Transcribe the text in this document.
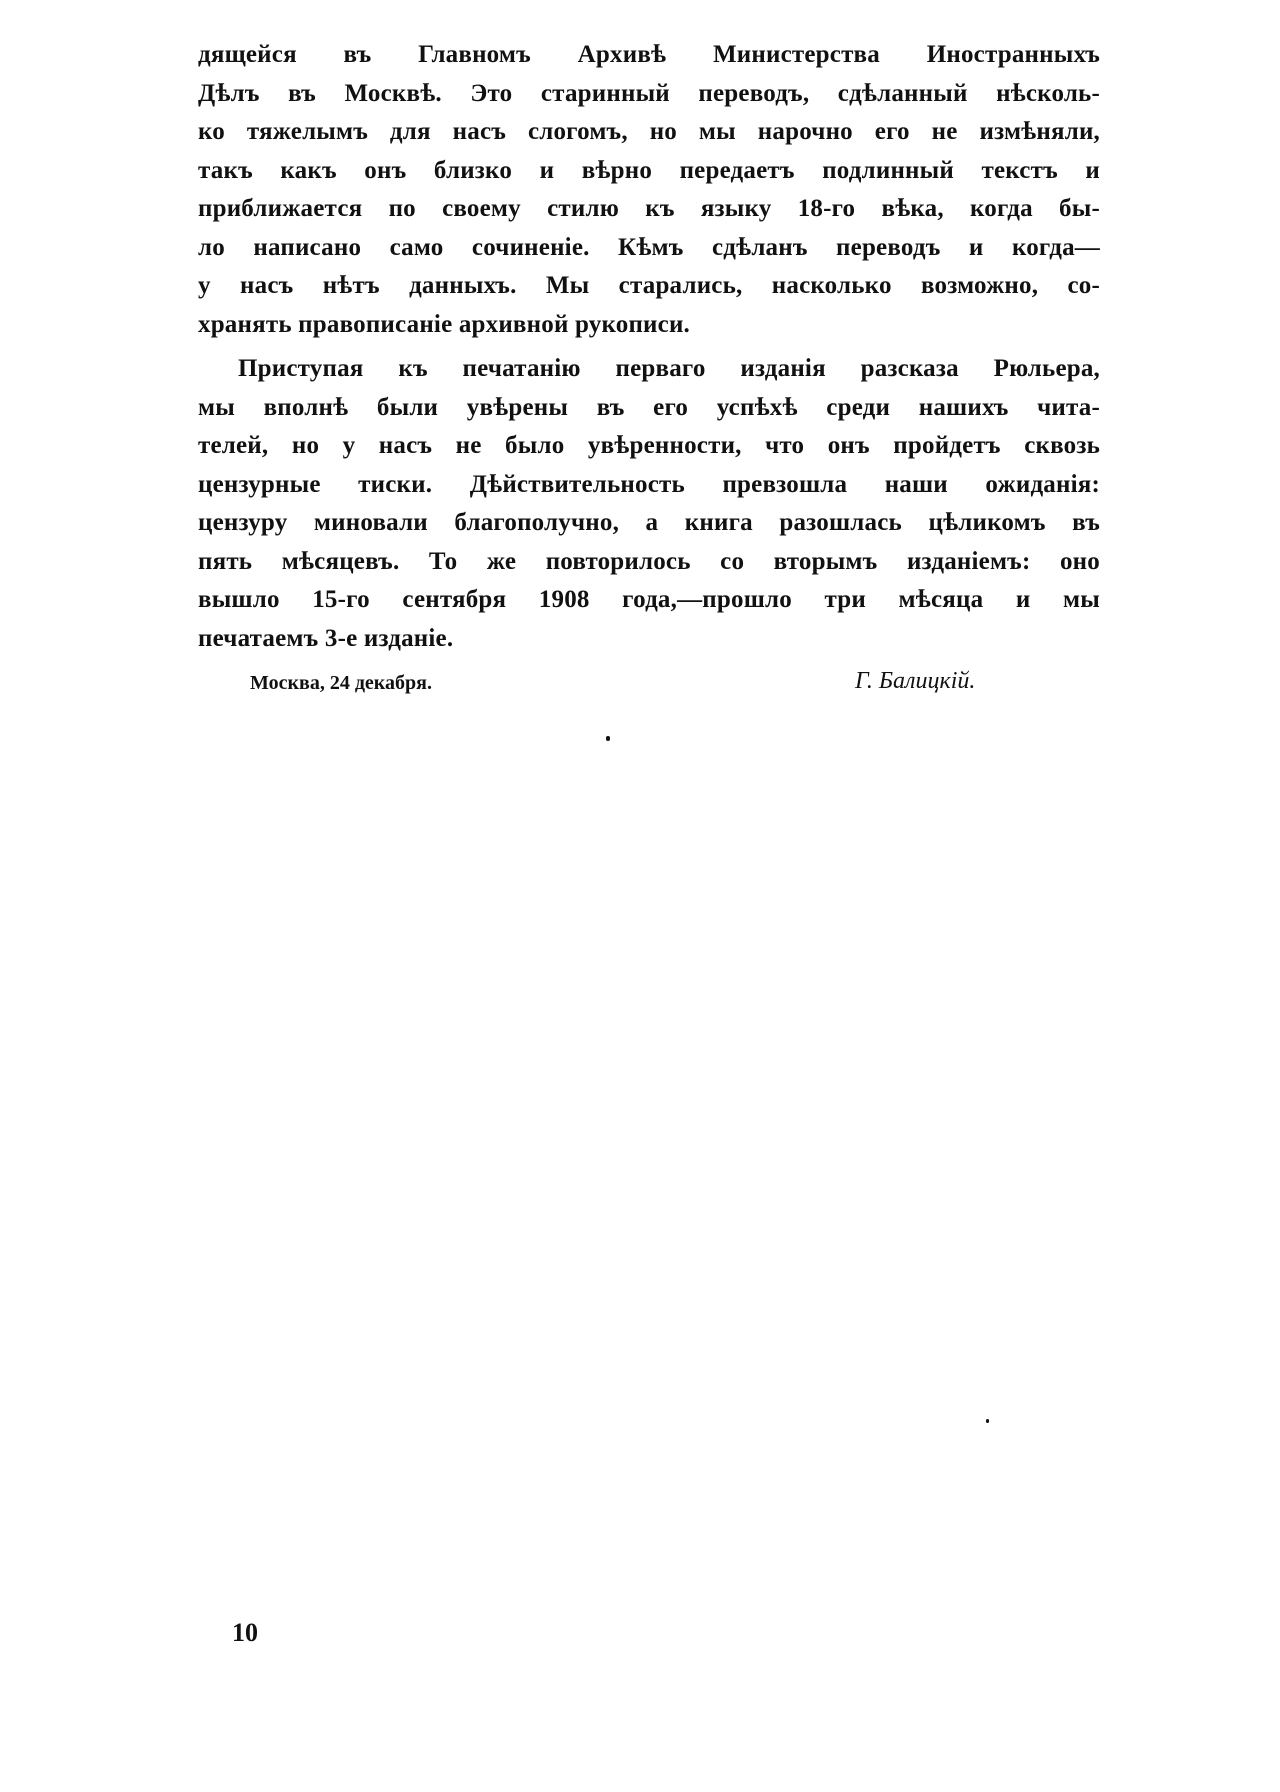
дящейся въ Главномъ Архивѣ Министерства Иностранныхъ
Дѣлъ въ Москвѣ. Это старинный переводъ, сдѣланный нѣсколь-
ко тяжелымъ для насъ слогомъ, но мы нарочно его не измѣняли,
такъ какъ онъ близко и вѣрно передаетъ подлинный текстъ и
приближается по своему стилю къ языку 18-го вѣка, когда бы-
ло написано само сочиненіе. Кѣмъ сдѣланъ переводъ и когда—
у насъ нѣтъ данныхъ. Мы старались, насколько возможно, со-
хранять правописаніе архивной рукописи.
Приступая къ печатанію перваго изданія разсказа Рюльера,
мы вполнѣ были увѣрены въ его успѣхѣ среди нашихъ чита-
телей, но у насъ не было увѣренности, что онъ пройдетъ сквозь
цензурные тиски. Дѣйствительность превзошла наши ожиданія:
цензуру миновали благополучно, а книга разошлась цѣликомъ въ
пять мѣсяцевъ. То же повторилось со вторымъ изданіемъ: оно
вышло 15-го сентября 1908 года,—прошло три мѣсяца и мы
печатаемъ 3-е изданіе.
Москва, 24 декабря.	Г. Балицкій.
10
